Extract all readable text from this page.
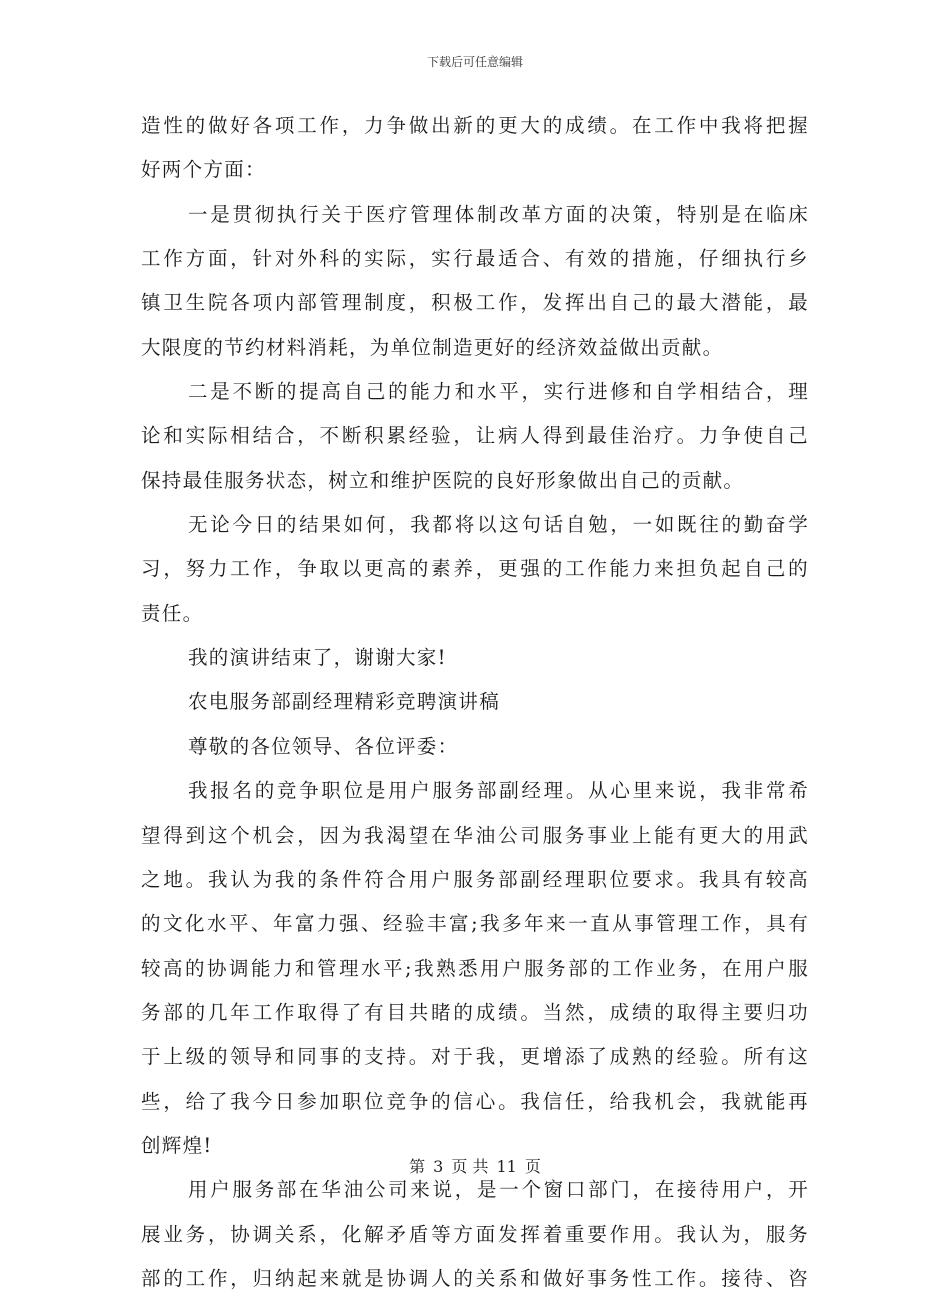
下载后可任意编辑
造性的做好各项工作，力争做出新的更大的成绩。在工作中我将把握
好两个方面：
一是贯彻执行关于医疗管理体制改革方面的决策，特别是在临床
工作方面，针对外科的实际，实行最适合、有效的措施，仔细执行乡
镇卫生院各项内部管理制度，积极工作，发挥出自己的最大潜能，最
大限度的节约材料消耗，为单位制造更好的经济效益做出贡献。
二是不断的提高自己的能力和水平，实行进修和自学相结合，理
论和实际相结合，不断积累经验，让病人得到最佳治疗。力争使自己
保持最佳服务状态，树立和维护医院的良好形象做出自己的贡献。
无论今日的结果如何，我都将以这句话自勉，一如既往的勤奋学
习，努力工作，争取以更高的素养，更强的工作能力来担负起自己的
责任。
我的演讲结束了，谢谢大家!
农电服务部副经理精彩竞聘演讲稿
尊敬的各位领导、各位评委：
我报名的竞争职位是用户服务部副经理。从心里来说，我非常希
望得到这个机会，因为我渴望在华油公司服务事业上能有更大的用武
之地。我认为我的条件符合用户服务部副经理职位要求。我具有较高
的文化水平、年富力强、经验丰富;我多年来一直从事管理工作，具有
较高的协调能力和管理水平;我熟悉用户服务部的工作业务，在用户服
务部的几年工作取得了有目共睹的成绩。当然，成绩的取得主要归功
于上级的领导和同事的支持。对于我，更增添了成熟的经验。所有这
些，给了我今日参加职位竞争的信心。我信任，给我机会，我就能再
创辉煌!
用户服务部在华油公司来说，是一个窗口部门，在接待用户，开
展业务，协调关系，化解矛盾等方面发挥着重要作用。我认为，服务
部的工作，归纳起来就是协调人的关系和做好事务性工作。接待、咨
第 3 页 共 11 页
